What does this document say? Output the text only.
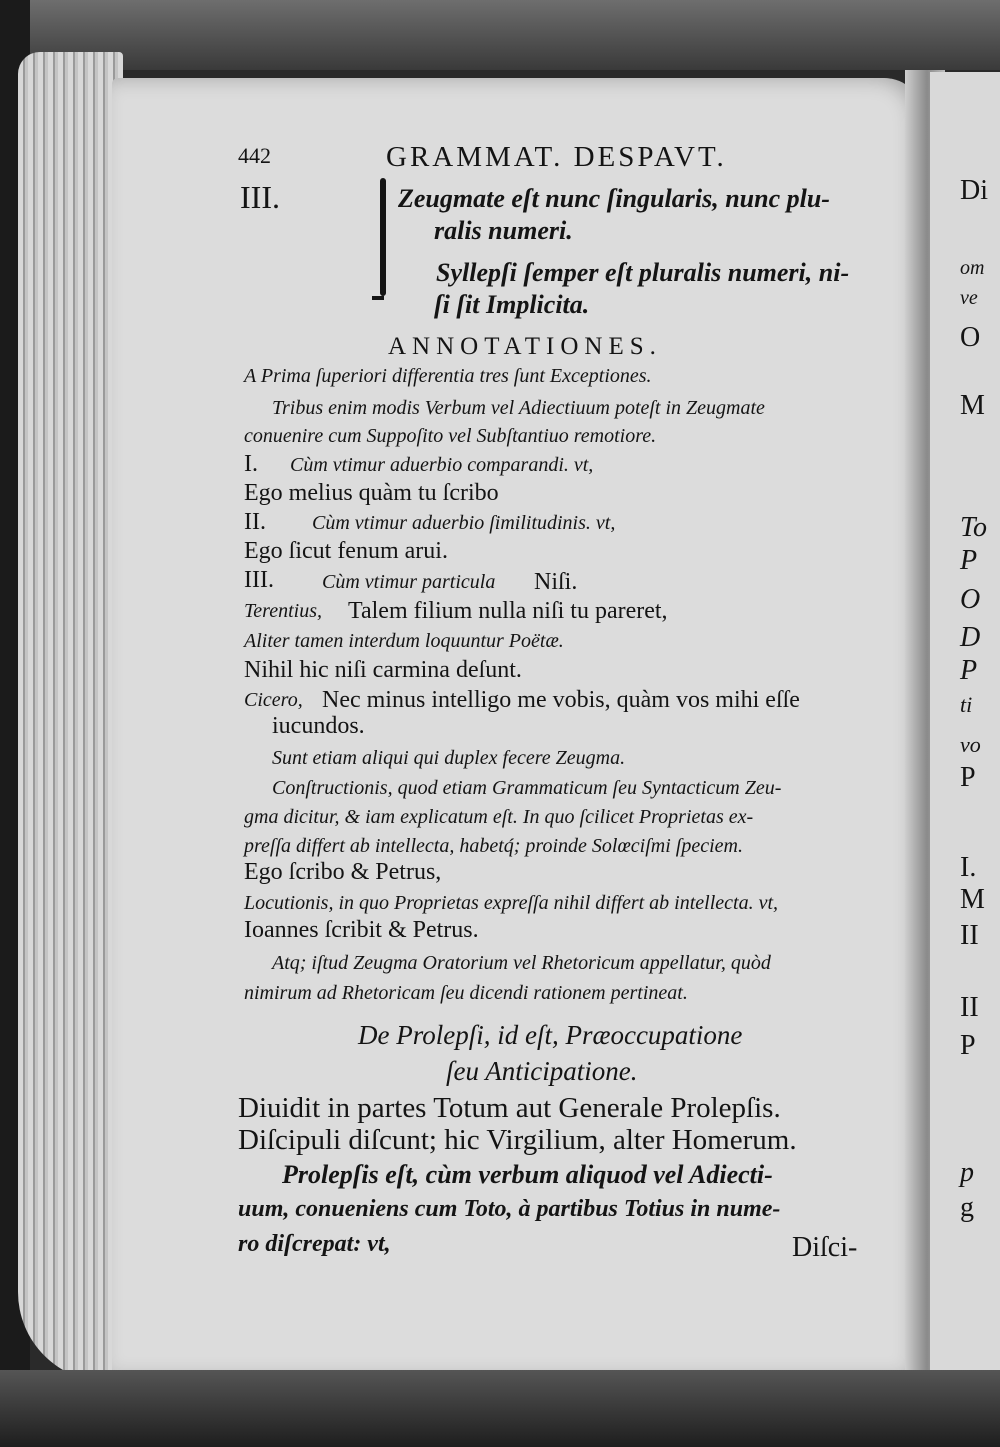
Di
om
ve
O
M
To
P
O
D
P
ti
vo
P
I.
M
II
II
P
p
g
442	GRAMMAT. DESPAVT.
III.	Zeugmate eſt nunc ſingularis, nunc plu-
ralis numeri.
Syllepſi ſemper eſt pluralis numeri, ni-
ſi ſit Implicita.
ANNOTATIONES.
A Prima ſuperiori differentia tres ſunt Exceptiones.
Tribus enim modis Verbum vel Adiectiuum poteſt in Zeugmate
conuenire cum Suppoſito vel Subſtantiuo remotiore.
I. Cùm vtimur aduerbio comparandi. vt,
Ego melius quàm tu ſcribo
II. Cùm vtimur aduerbio ſimilitudinis. vt,
Ego ſicut fenum arui.
III. Cùm vtimur particula Niſi.
Terentius, Talem filium nulla niſi tu pareret,
Aliter tamen interdum loquuntur Poëtæ.
Nihil hic niſi carmina deſunt.
Cicero, Nec minus intelligo me vobis, quàm vos mihi eſſe
iucundos.
Sunt etiam aliqui qui duplex fecere Zeugma.
Conſtructionis, quod etiam Grammaticum ſeu Syntacticum Zeu-
gma dicitur, & iam explicatum eſt. In quo ſcilicet Proprietas ex-
preſſa differt ab intellecta, habetq́; proinde Solœciſmi ſpeciem.
Ego ſcribo & Petrus,
Locutionis, in quo Proprietas expreſſa nihil differt ab intellecta. vt,
Ioannes ſcribit & Petrus.
Atq; iſtud Zeugma Oratorium vel Rhetoricum appellatur, quòd
nimirum ad Rhetoricam ſeu dicendi rationem pertineat.
De Prolepſi, id eſt, Præoccupatione
ſeu Anticipatione.
Diuidit in partes Totum aut Generale Prolepſis.
Diſcipuli diſcunt; hic Virgilium, alter Homerum.
Prolepſis eſt, cùm verbum aliquod vel Adiecti-
uum, conueniens cum Toto, à partibus Totius in nume-
ro diſcrepat: vt,	Diſci-
